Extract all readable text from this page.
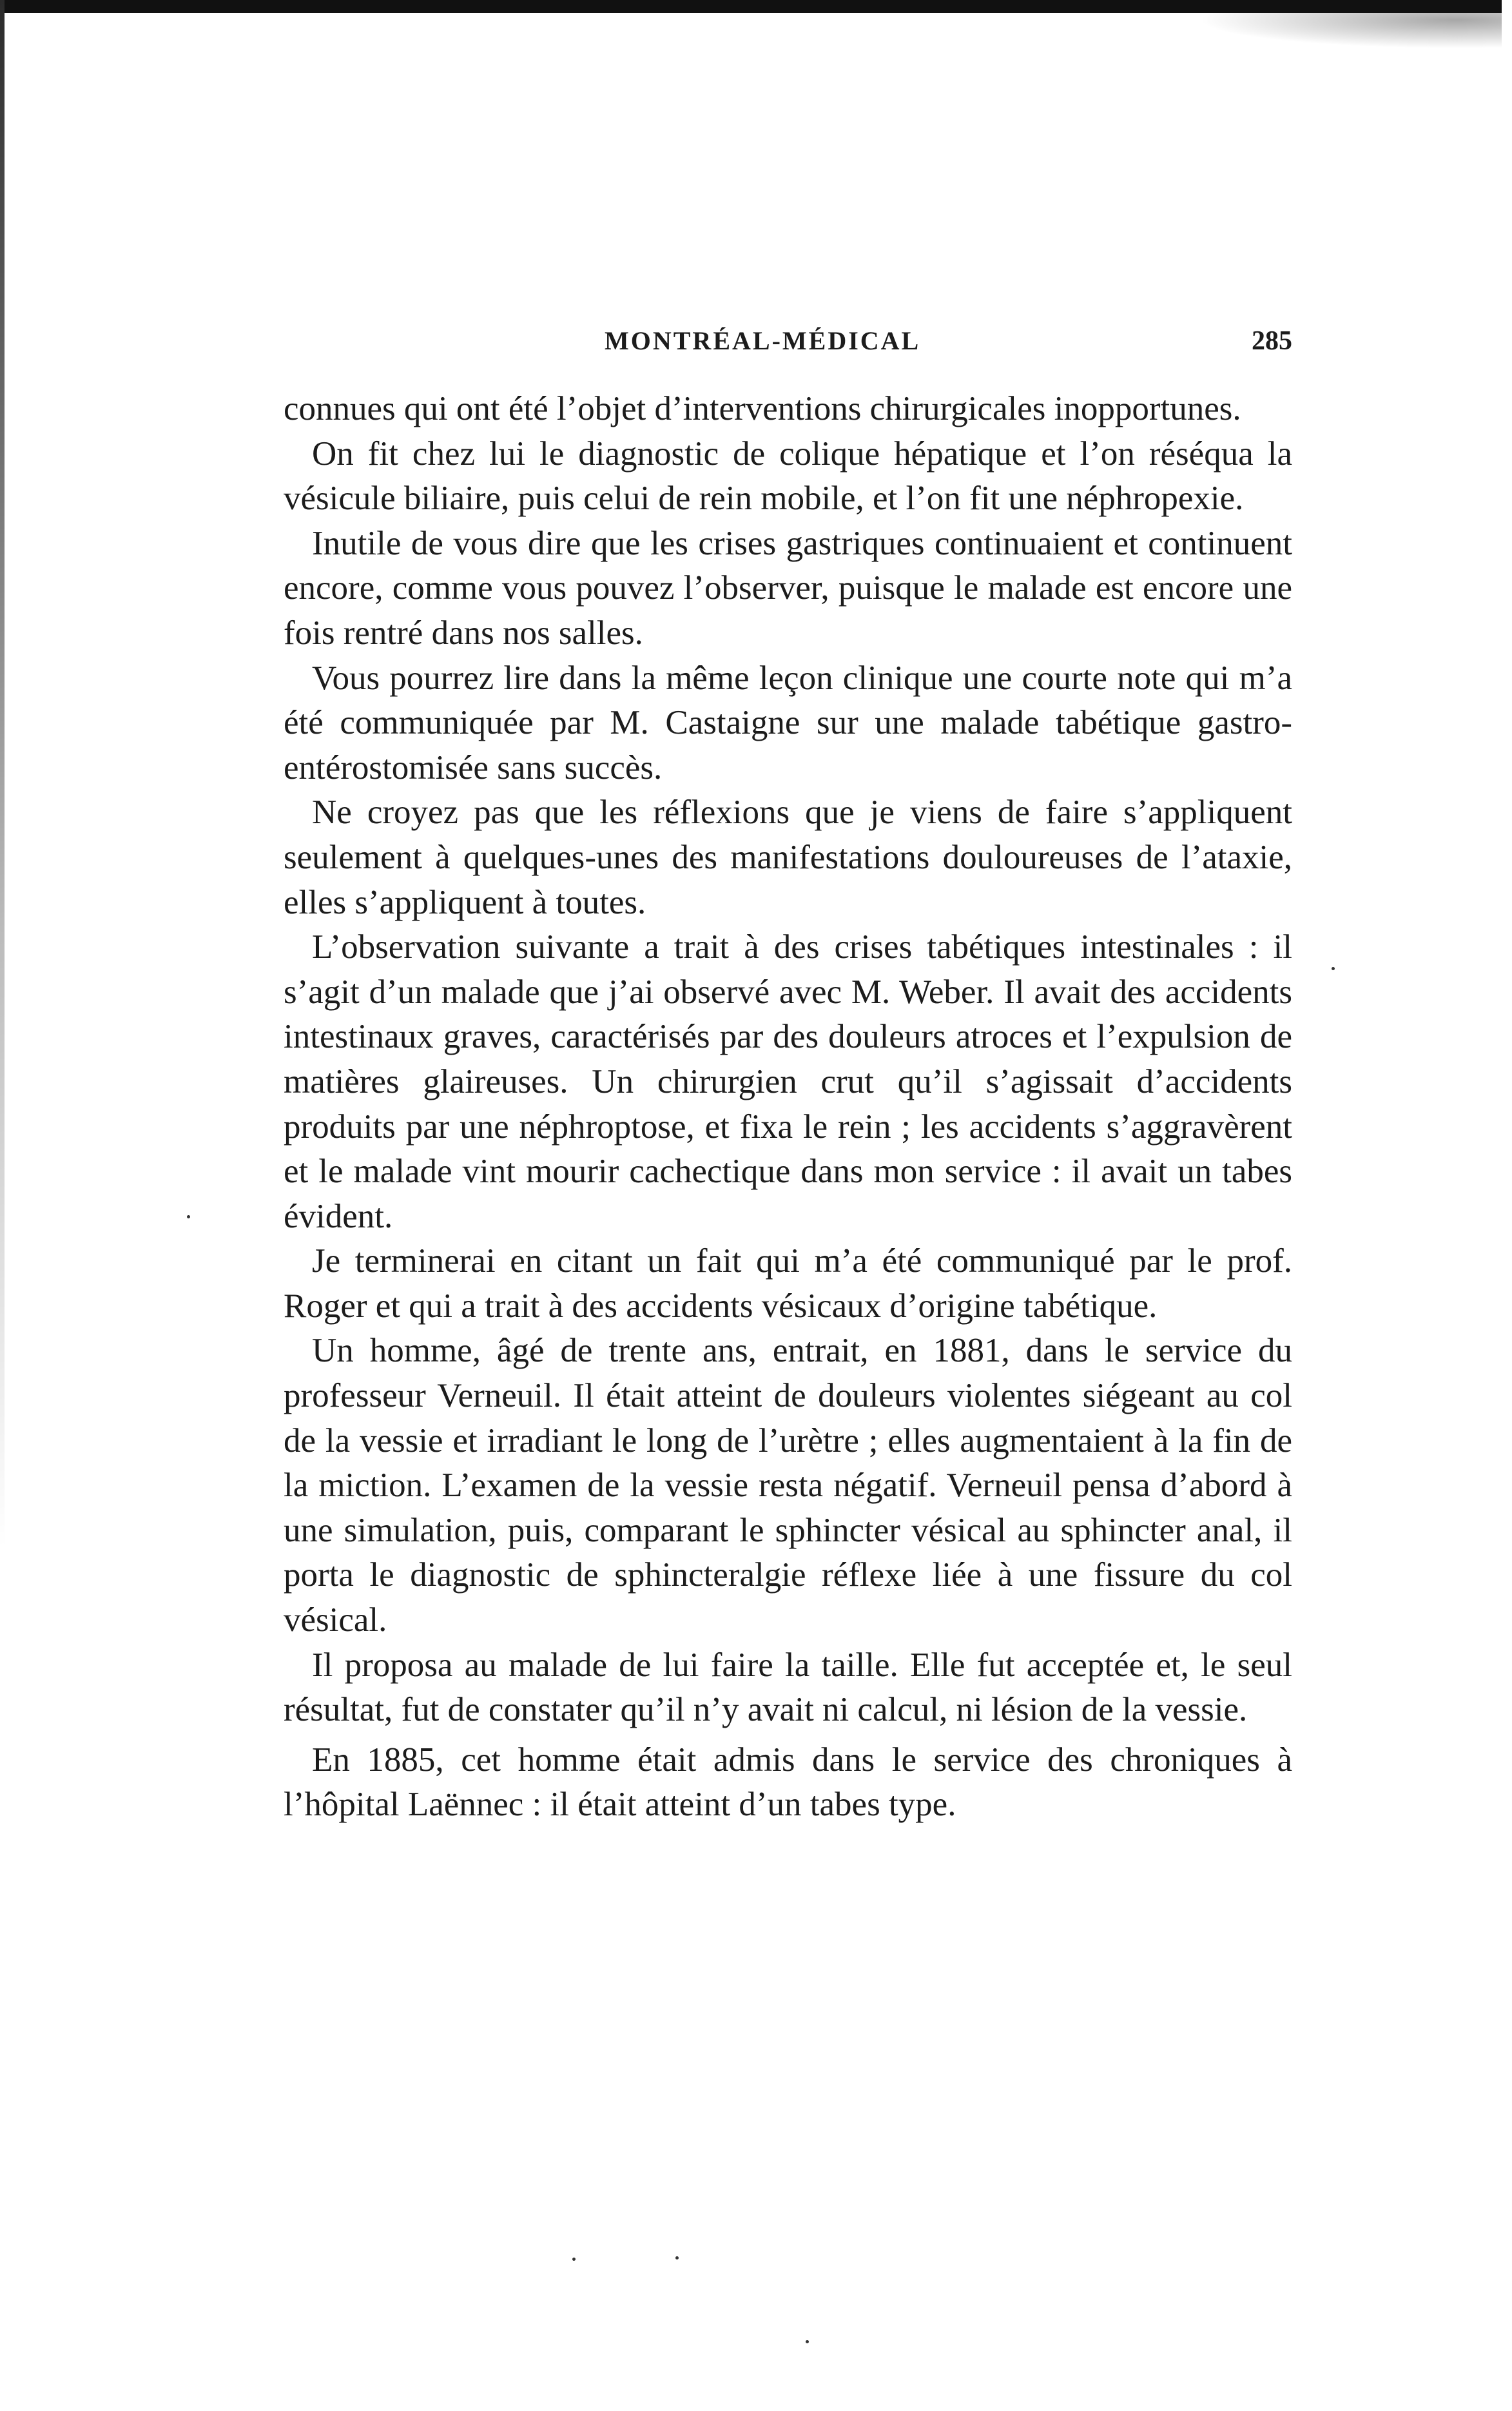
MONTRÉAL-MÉDICAL	285

connues qui ont été l’objet d’interventions chirurgicales inopportunes.

On fit chez lui le diagnostic de colique hépatique et l’on réséqua la vésicule biliaire, puis celui de rein mobile, et l’on fit une néphropexie.

Inutile de vous dire que les crises gastriques continuaient et continuent encore, comme vous pouvez l’observer, puisque le malade est encore une fois rentré dans nos salles.

Vous pourrez lire dans la même leçon clinique une courte note qui m’a été communiquée par M. Castaigne sur une malade tabétique gastro-entérostomisée sans succès.

Ne croyez pas que les réflexions que je viens de faire s’appliquent seulement à quelques-unes des manifestations douloureuses de l’ataxie, elles s’appliquent à toutes.

L’observation suivante a trait à des crises tabétiques intestinales : il s’agit d’un malade que j’ai observé avec M. Weber. Il avait des accidents intestinaux graves, caractérisés par des douleurs atroces et l’expulsion de matières glaireuses. Un chirurgien crut qu’il s’agissait d’accidents produits par une néphroptose, et fixa le rein ; les accidents s’aggravèrent et le malade vint mourir cachectique dans mon service : il avait un tabes évident.

Je terminerai en citant un fait qui m’a été communiqué par le prof. Roger et qui a trait à des accidents vésicaux d’origine tabétique.

Un homme, âgé de trente ans, entrait, en 1881, dans le service du professeur Verneuil. Il était atteint de douleurs violentes siégeant au col de la vessie et irradiant le long de l’urètre ; elles augmentaient à la fin de la miction. L’examen de la vessie resta négatif. Verneuil pensa d’abord à une simulation, puis, comparant le sphincter vésical au sphincter anal, il porta le diagnostic de sphincteralgie réflexe liée à une fissure du col vésical.

Il proposa au malade de lui faire la taille. Elle fut acceptée et, le seul résultat, fut de constater qu’il n’y avait ni calcul, ni lésion de la vessie.

En 1885, cet homme était admis dans le service des chroniques à l’hôpital Laënnec : il était atteint d’un tabes type.
